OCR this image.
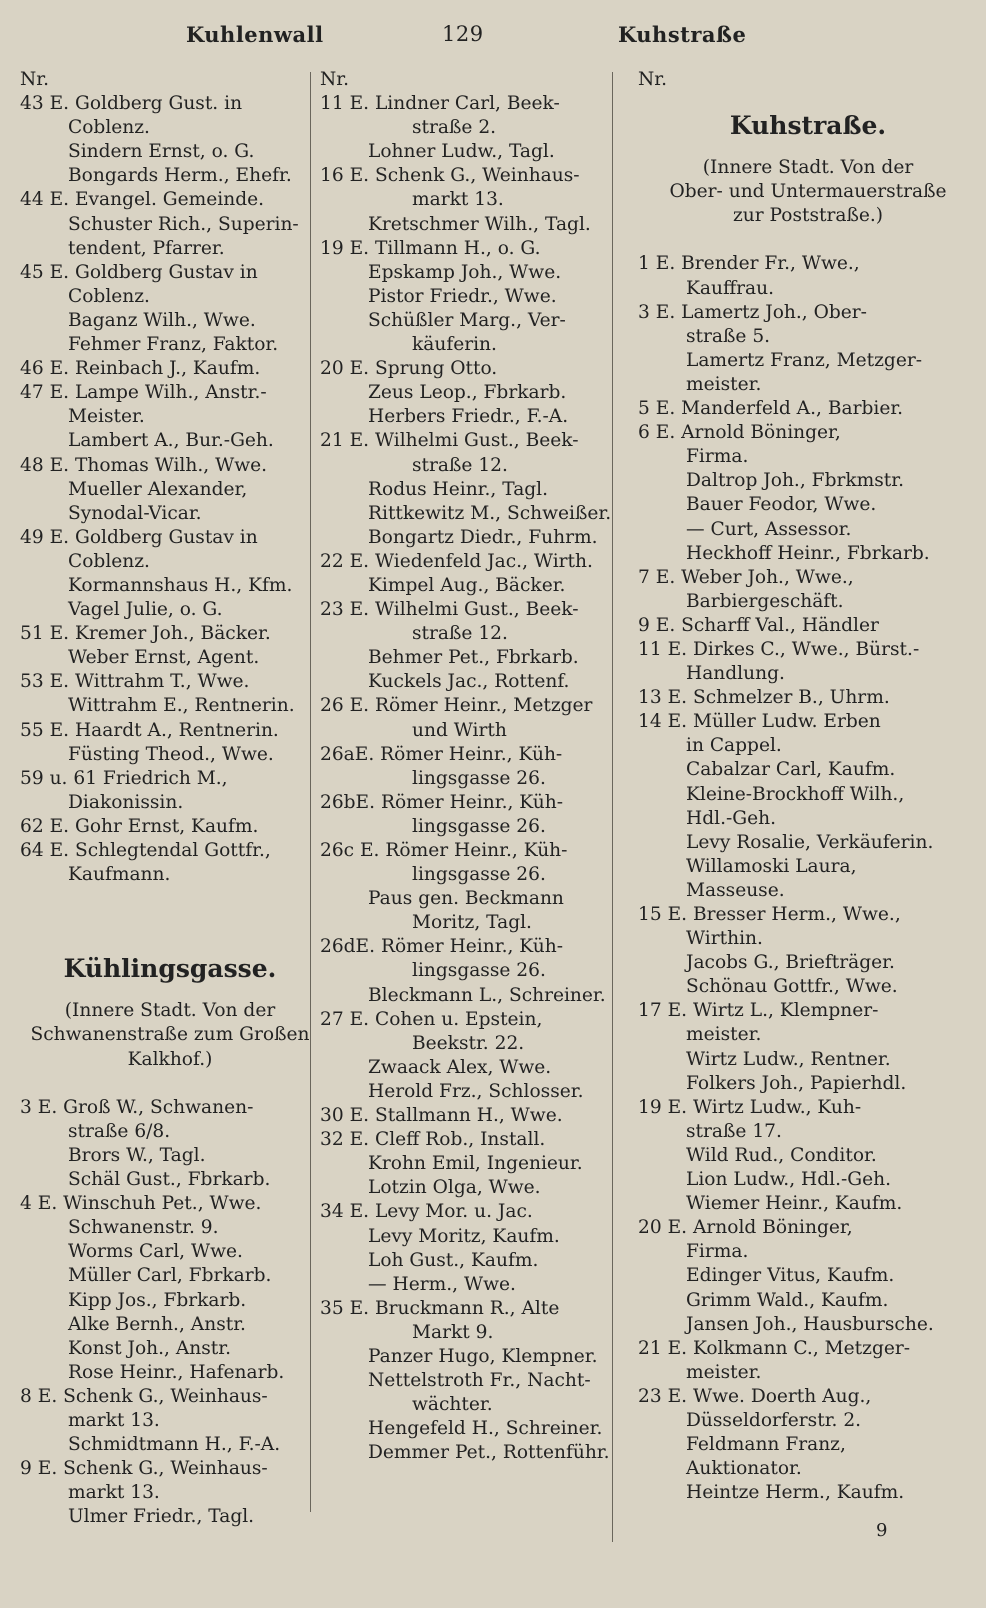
Kuhlenwall	129	Kuhstraße
Nr.
43 E. Goldberg Gust. in
Coblenz.
Sindern Ernst, o. G.
Bongards Herm., Ehefr.
44 E. Evangel. Gemeinde.
Schuster Rich., Superin-
tendent, Pfarrer.
45 E. Goldberg Gustav in
Coblenz.
Baganz Wilh., Wwe.
Fehmer Franz, Faktor.
46 E. Reinbach J., Kaufm.
47 E. Lampe Wilh., Anstr.-
Meister.
Lambert A., Bur.-Geh.
48 E. Thomas Wilh., Wwe.
Mueller Alexander,
Synodal-Vicar.
49 E. Goldberg Gustav in
Coblenz.
Kormannshaus H., Kfm.
Vagel Julie, o. G.
51 E. Kremer Joh., Bäcker.
Weber Ernst, Agent.
53 E. Wittrahm T., Wwe.
Wittrahm E., Rentnerin.
55 E. Haardt A., Rentnerin.
Füsting Theod., Wwe.
59 u. 61 Friedrich M.,
Diakonissin.
62 E. Gohr Ernst, Kaufm.
64 E. Schlegtendal Gottfr.,
Kaufmann.
Kühlingsgasse.
(Innere Stadt. Von der
Schwanenstraße zum Großen
Kalkhof.)
3 E. Groß W., Schwanen-
straße 6/8.
Brors W., Tagl.
Schäl Gust., Fbrkarb.
4 E. Winschuh Pet., Wwe.
Schwanenstr. 9.
Worms Carl, Wwe.
Müller Carl, Fbrkarb.
Kipp Jos., Fbrkarb.
Alke Bernh., Anstr.
Konst Joh., Anstr.
Rose Heinr., Hafenarb.
8 E. Schenk G., Weinhaus-
markt 13.
Schmidtmann H., F.-A.
9 E. Schenk G., Weinhaus-
markt 13.
Ulmer Friedr., Tagl.
Nr.
11 E. Lindner Carl, Beek-
straße 2.
Lohner Ludw., Tagl.
16 E. Schenk G., Weinhaus-
markt 13.
Kretschmer Wilh., Tagl.
19 E. Tillmann H., o. G.
Epskamp Joh., Wwe.
Pistor Friedr., Wwe.
Schüßler Marg., Ver-
käuferin.
20 E. Sprung Otto.
Zeus Leop., Fbrkarb.
Herbers Friedr., F.-A.
21 E. Wilhelmi Gust., Beek-
straße 12.
Rodus Heinr., Tagl.
Rittkewitz M., Schweißer.
Bongartz Diedr., Fuhrm.
22 E. Wiedenfeld Jac., Wirth.
Kimpel Aug., Bäcker.
23 E. Wilhelmi Gust., Beek-
straße 12.
Behmer Pet., Fbrkarb.
Kuckels Jac., Rottenf.
26 E. Römer Heinr., Metzger
und Wirth
26aE. Römer Heinr., Küh-
lingsgasse 26.
26bE. Römer Heinr., Küh-
lingsgasse 26.
26c E. Römer Heinr., Küh-
lingsgasse 26.
Paus gen. Beckmann
Moritz, Tagl.
26dE. Römer Heinr., Küh-
lingsgasse 26.
Bleckmann L., Schreiner.
27 E. Cohen u. Epstein,
Beekstr. 22.
Zwaack Alex, Wwe.
Herold Frz., Schlosser.
30 E. Stallmann H., Wwe.
32 E. Cleff Rob., Install.
Krohn Emil, Ingenieur.
Lotzin Olga, Wwe.
34 E. Levy Mor. u. Jac.
Levy Moritz, Kaufm.
Loh Gust., Kaufm.
— Herm., Wwe.
35 E. Bruckmann R., Alte
Markt 9.
Panzer Hugo, Klempner.
Nettelstroth Fr., Nacht-
wächter.
Hengefeld H., Schreiner.
Demmer Pet., Rottenführ.
Nr.
Kuhstraße.
(Innere Stadt. Von der
Ober- und Untermauerstraße
zur Poststraße.)
1 E. Brender Fr., Wwe.,
Kauffrau.
3 E. Lamertz Joh., Ober-
straße 5.
Lamertz Franz, Metzger-
meister.
5 E. Manderfeld A., Barbier.
6 E. Arnold Böninger,
Firma.
Daltrop Joh., Fbrkmstr.
Bauer Feodor, Wwe.
— Curt, Assessor.
Heckhoff Heinr., Fbrkarb.
7 E. Weber Joh., Wwe.,
Barbiergeschäft.
9 E. Scharff Val., Händler
11 E. Dirkes C., Wwe., Bürst.-
Handlung.
13 E. Schmelzer B., Uhrm.
14 E. Müller Ludw. Erben
in Cappel.
Cabalzar Carl, Kaufm.
Kleine-Brockhoff Wilh.,
Hdl.-Geh.
Levy Rosalie, Verkäuferin.
Willamoski Laura,
Masseuse.
15 E. Bresser Herm., Wwe.,
Wirthin.
Jacobs G., Briefträger.
Schönau Gottfr., Wwe.
17 E. Wirtz L., Klempner-
meister.
Wirtz Ludw., Rentner.
Folkers Joh., Papierhdl.
19 E. Wirtz Ludw., Kuh-
straße 17.
Wild Rud., Conditor.
Lion Ludw., Hdl.-Geh.
Wiemer Heinr., Kaufm.
20 E. Arnold Böninger,
Firma.
Edinger Vitus, Kaufm.
Grimm Wald., Kaufm.
Jansen Joh., Hausbursche.
21 E. Kolkmann C., Metzger-
meister.
23 E. Wwe. Doerth Aug.,
Düsseldorferstr. 2.
Feldmann Franz,
Auktionator.
Heintze Herm., Kaufm.
9
